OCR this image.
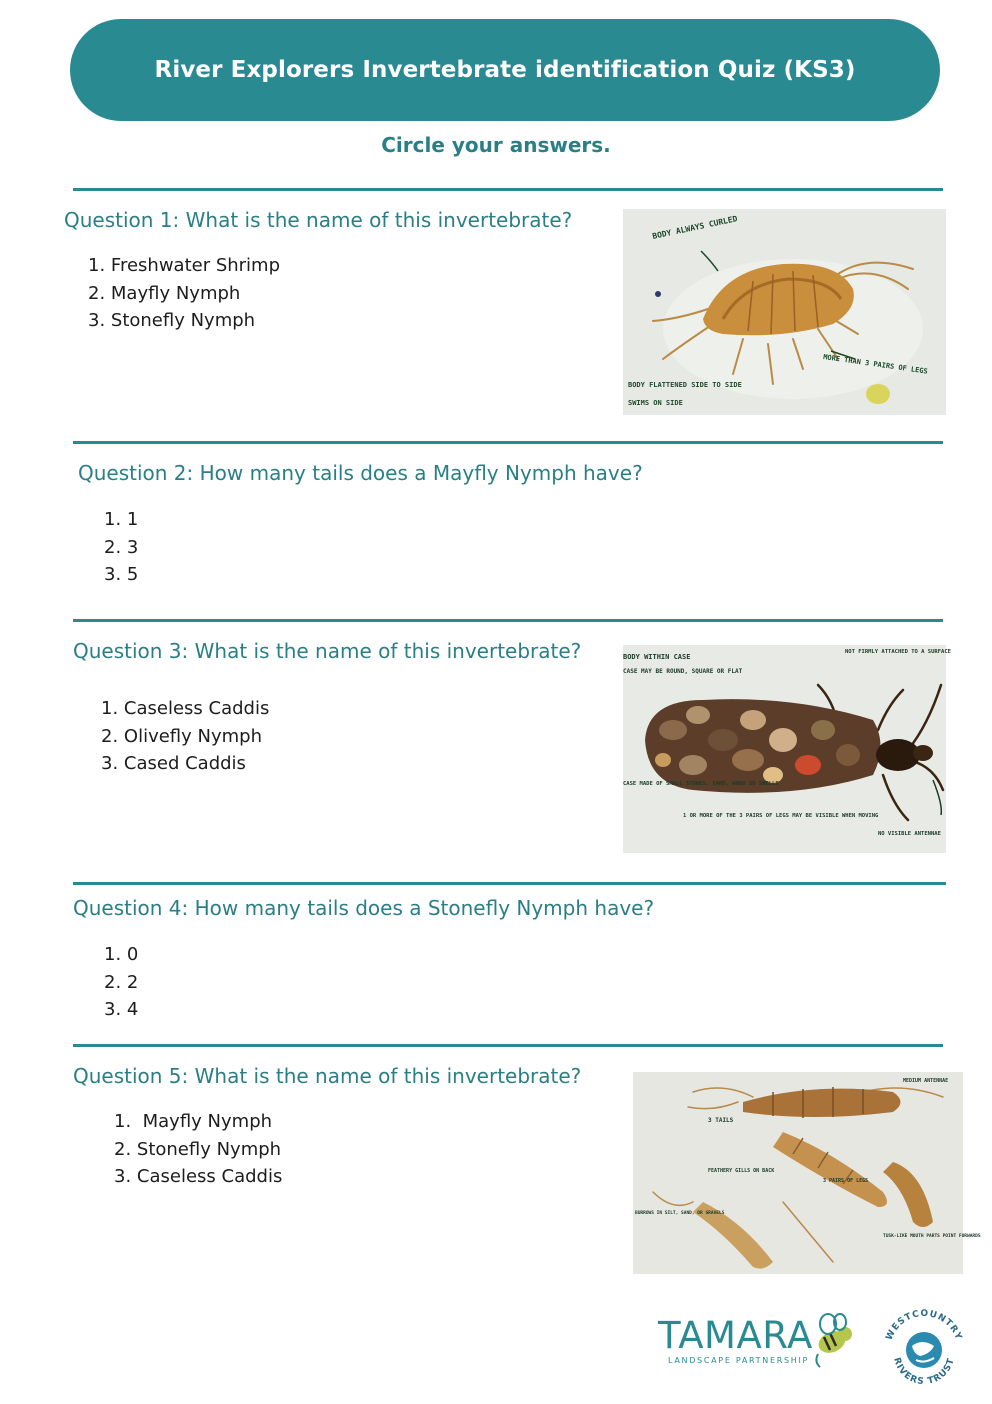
River Explorers Invertebrate identification Quiz (KS3)
Circle your answers.
Question 1: What is the name of this invertebrate?
1. Freshwater Shrimp
2. Mayfly Nymph
3. Stonefly Nymph
Question 2: How many tails does a Mayfly Nymph have?
1. 1
2. 3
3. 5
Question 3: What is the name of this invertebrate?
1. Caseless Caddis
2. Olivefly Nymph
3. Cased Caddis
Question 4: How many tails does a Stonefly Nymph have?
1. 0
2. 2
3. 4
Question 5: What is the name of this invertebrate?
1.  Mayfly Nymph
2. Stonefly Nymph
3. Caseless Caddis
BODY ALWAYS CURLED
MORE THAN 3 PAIRS OF LEGS
BODY FLATTENED SIDE TO SIDE
SWIMS ON SIDE
BODY WITHIN CASE
CASE MAY BE ROUND, SQUARE OR FLAT
NOT FIRMLY ATTACHED TO A SURFACE
CASE MADE OF SMALL STONES, SAND, WOOD OR SHELLS
1 OR MORE OF THE 3 PAIRS OF LEGS MAY BE VISIBLE WHEN MOVING
NO VISIBLE ANTENNAE
MEDIUM ANTENNAE
3 TAILS
FEATHERY GILLS ON BACK
3 PAIRS OF LEGS
BURROWS IN SILT, SAND, OR GRAVELS
TUSK-LIKE MOUTH PARTS POINT FORWARDS
TAMARA
LANDSCAPE PARTNERSHIP
WESTCOUNTRY
RIVERS TRUST
